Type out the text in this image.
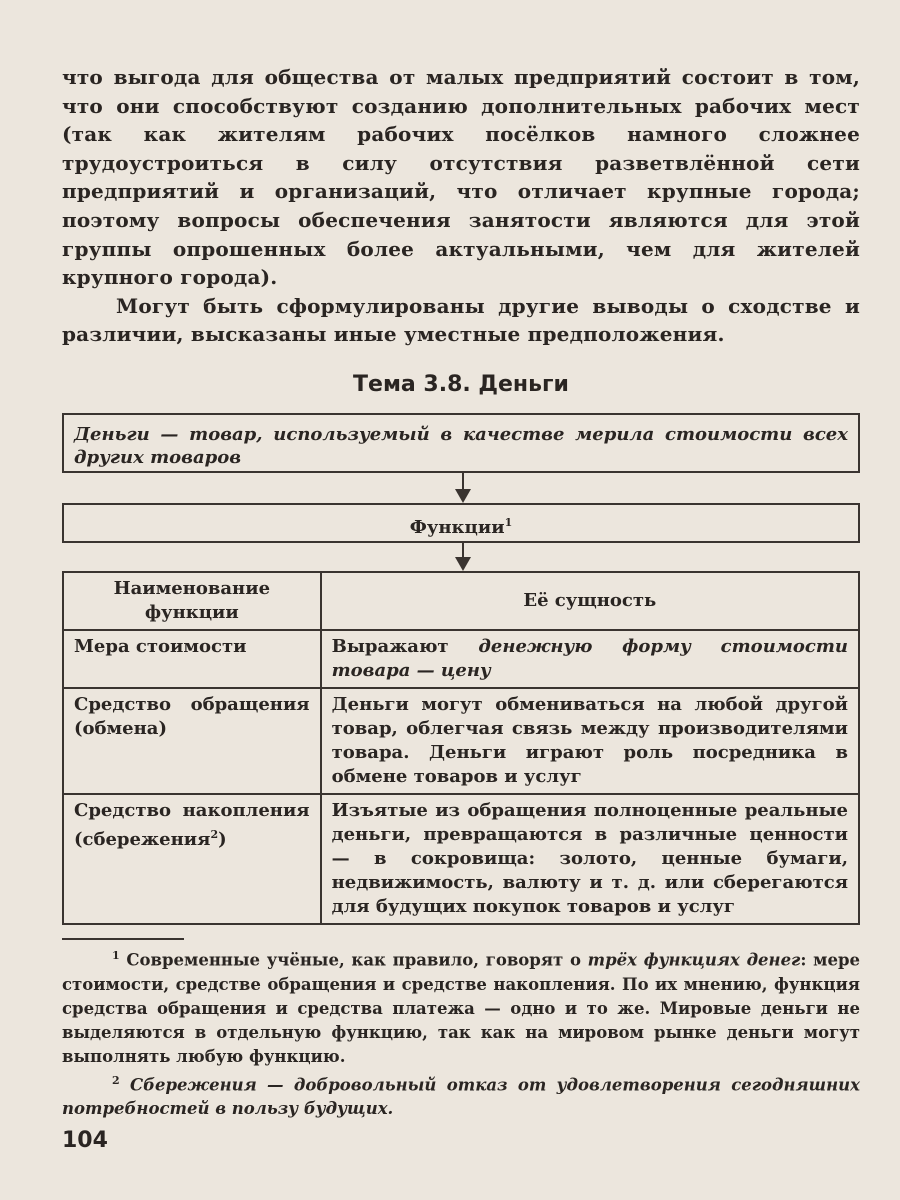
что выгода для общества от малых предприятий состоит в том, что они способствуют созданию дополнительных рабочих мест (так как жителям рабочих посёлков намного сложнее трудоустроиться в силу отсутствия разветвлённой сети предприятий и организаций, что отличает крупные города; поэтому вопросы обеспечения занятости являются для этой группы опрошенных более актуальными, чем для жителей крупного города).

Могут быть сформулированы другие выводы о сходстве и различии, высказаны иные уместные предположения.

Тема 3.8. Деньги
Деньги — товар, используемый в качестве мерила стоимости всех других товаров
Функции$^1$
Наименование функции	Её сущность
Мера стоимости	Выражают денежную форму стоимости товара — цену
Средство обращения (обмена)	Деньги могут обмениваться на любой другой товар, облегчая связь между производителями товара. Деньги играют роль посредника в обмене товаров и услуг
Средство накопления (сбережения$^2$)	Изъятые из обращения полноценные реальные деньги, превращаются в различные ценности — в сокровища: золото, ценные бумаги, недвижимость, валюту и т. д. или сберегаются для будущих покупок товаров и услуг

$^1$ Современные учёные, как правило, говорят о трёх функциях денег: мере стоимости, средстве обращения и средстве накопления. По их мнению, функция средства обращения и средства платежа — одно и то же. Мировые деньги не выделяются в отдельную функцию, так как на мировом рынке деньги могут выполнять любую функцию.

$^2$ Сбережения — добровольный отказ от удовлетворения сегодняшних потребностей в пользу будущих.

104
